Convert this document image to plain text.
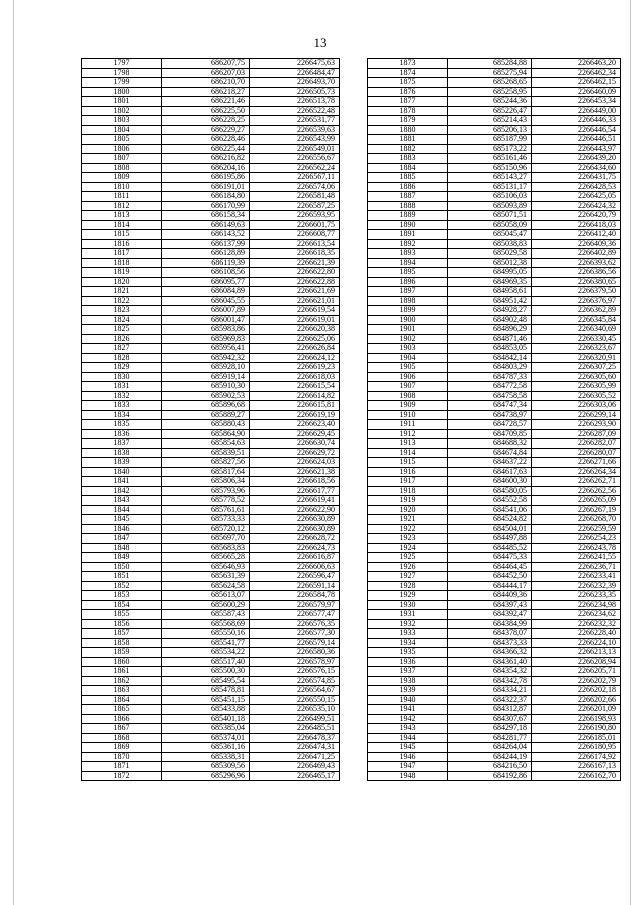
13
1797	686207,75	2266475,63
1798	686207,03	2266484,47
1799	686210,70	2266493,70
1800	686218,27	2266505,73
1801	686221,46	2266513,78
1802	686225,50	2266522,48
1803	686228,25	2266531,77
1804	686229,27	2266539,63
1805	686228,46	2266543,99
1806	686225,44	2266549,01
1807	686216,82	2266556,67
1808	686204,16	2266562,24
1809	686195,86	2266567,11
1810	686191,01	2266574,06
1811	686184,80	2266581,48
1812	686170,99	2266587,25
1813	686158,34	2266593,95
1814	686149,63	2266601,75
1815	686143,52	2266608,77
1816	686137,99	2266613,54
1817	686128,89	2266618,35
1818	686119,39	2266621,39
1819	686108,56	2266622,80
1820	686095,77	2266622,88
1821	686084,89	2266621,69
1822	686045,55	2266621,01
1823	686007,89	2266619,54
1824	686001,47	2266619,01
1825	685983,86	2266620,38
1826	685969,83	2266625,06
1827	685956,41	2266626,84
1828	685942,32	2266624,12
1829	685928,10	2266619,23
1830	685919,14	2266618,03
1831	685910,30	2266615,54
1832	685902,53	2266614,82
1833	685896,68	2266615,81
1834	685889,27	2266619,19
1835	685880,43	2266623,40
1836	685864,90	2266629,45
1837	685854,63	2266630,74
1838	685839,51	2266629,72
1839	685827,56	2266624,03
1840	685817,64	2266621,38
1841	685806,34	2266618,56
1842	685793,96	2266617,77
1843	685778,52	2266619,41
1844	685761,61	2266622,90
1845	685733,33	2266630,89
1846	685720,12	2266630,89
1847	685697,70	2266628,72
1848	685683,83	2266624,73
1849	685665,28	2266616,87
1850	685646,93	2266606,63
1851	685631,39	2266596,47
1852	685624,58	2266591,14
1853	685613,07	2266584,78
1854	685600,29	2266579,97
1855	685587,43	2266577,47
1856	685568,69	2266576,35
1857	685550,16	2266577,30
1858	685541,77	2266579,14
1859	685534,22	2266580,36
1860	685517,40	2266578,97
1861	685500,30	2266576,15
1862	685495,54	2266574,85
1863	685478,81	2266564,67
1864	685451,15	2266550,15
1865	685433,88	2266535,10
1866	685401,18	2266499,51
1867	685385,04	2266485,51
1868	685374,01	2266478,37
1869	685361,16	2266474,31
1870	685338,31	2266471,25
1871	685309,56	2266469,43
1872	685296,96	2266465,17
1873	685284,88	2266463,20
1874	685275,94	2266462,34
1875	685268,65	2266462,15
1876	685258,95	2266460,09
1877	685244,36	2266453,34
1878	685226,47	2266449,00
1879	685214,43	2266446,33
1880	685206,13	2266446,54
1881	685187,99	2266446,51
1882	685173,22	2266443,97
1883	685161,46	2266439,20
1884	685150,96	2266434,60
1885	685143,27	2266431,75
1886	685131,17	2266428,53
1887	685106,03	2266425,05
1888	685093,89	2266424,32
1889	685071,51	2266420,79
1890	685058,09	2266418,03
1891	685045,47	2266412,40
1892	685038,83	2266409,36
1893	685029,58	2266402,89
1894	685012,38	2266393,62
1895	684995,05	2266386,56
1896	684969,35	2266380,65
1897	684958,61	2266379,50
1898	684951,42	2266376,97
1899	684928,27	2266362,89
1900	684902,48	2266345,84
1901	684896,29	2266340,69
1902	684871,46	2266330,45
1903	684853,05	2266323,67
1904	684842,14	2266320,91
1905	684803,29	2266307,25
1906	684787,33	2266305,60
1907	684772,58	2266305,99
1908	684758,58	2266305,52
1909	684747,34	2266303,06
1910	684738,97	2266299,14
1911	684728,57	2266293,90
1912	684709,85	2266287,09
1913	684688,32	2266282,07
1914	684674,84	2266280,07
1915	684637,22	2266271,66
1916	684617,63	2266264,34
1917	684600,30	2266262,71
1918	684580,05	2266262,56
1919	684552,58	2266265,09
1920	684541,06	2266267,19
1921	684524,82	2266268,70
1922	684504,01	2266259,59
1923	684497,88	2266254,23
1924	684485,52	2266243,78
1925	684475,33	2266241,55
1926	684464,45	2266236,71
1927	684452,50	2266233,41
1928	684444,17	2266232,39
1929	684409,36	2266233,35
1930	684397,43	2266234,98
1931	684392,47	2266234,62
1932	684384,99	2266232,32
1933	684378,07	2266228,40
1934	684373,33	2266224,10
1935	684366,32	2266213,13
1936	684361,40	2266208,94
1937	684354,32	2266205,71
1938	684342,78	2266202,79
1939	684334,21	2266202,18
1940	684322,37	2266202,66
1941	684312,87	2266201,09
1942	684307,67	2266198,93
1943	684297,18	2266190,80
1944	684281,77	2266185,01
1945	684264,04	2266180,95
1946	684244,19	2266174,92
1947	684216,50	2266167,13
1948	684192,86	2266162,70
